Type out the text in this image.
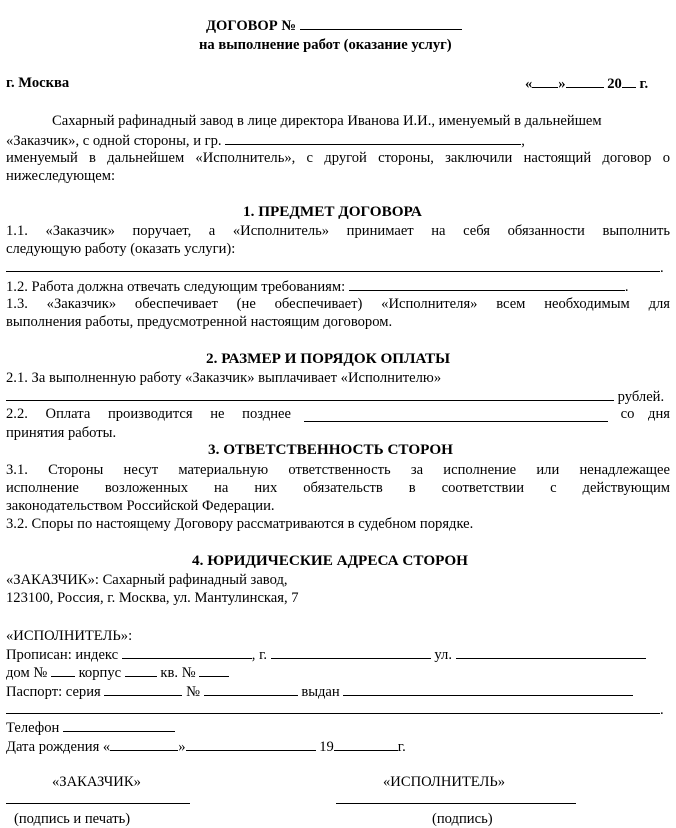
ДОГОВОР №
на выполнение работ (оказание услуг)
г. Москва	« »	20 г.
Сахарный рафинадный завод в лице директора Иванова И.И., именуемый в дальнейшем
«Заказчик», с одной стороны, и гр.	,
именуемый в дальнейшем «Исполнитель», с другой стороны, заключили настоящий договор о
нижеследующем:
1. ПРЕДМЕТ ДОГОВОРА
1.1. «Заказчик» поручает, а «Исполнитель» принимает на себя обязанности выполнить
следующую работу (оказать услуги):
.
1.2. Работа должна отвечать следующим требованиям:	.
1.3. «Заказчик» обеспечивает (не обеспечивает) «Исполнителя» всем необходимым для
выполнения работы, предусмотренной настоящим договором.
2. РАЗМЕР И ПОРЯДОК ОПЛАТЫ
2.1. За выполненную работу «Заказчик» выплачивает «Исполнителю»
рублей.
2.2. Оплата производится не позднее	со дня
принятия работы.
3. ОТВЕТСТВЕННОСТЬ СТОРОН
3.1. Стороны несут материальную ответственность за исполнение или ненадлежащее
исполнение возложенных на них обязательств в соответствии с действующим
законодательством Российской Федерации.
3.2. Споры по настоящему Договору рассматриваются в судебном порядке.
4. ЮРИДИЧЕСКИЕ АДРЕСА СТОРОН
«ЗАКАЗЧИК»: Сахарный рафинадный завод,
123100, Россия, г. Москва, ул. Мантулинская, 7
«ИСПОЛНИТЕЛЬ»:
Прописан: индекс	, г.	ул.
дом № корпус	кв. №
Паспорт: серия	№	выдан
.
Телефон
Дата рождения «	»	19	г.
«ЗАКАЗЧИК»	«ИСПОЛНИТЕЛЬ»
(подпись и печать)	(подпись)
